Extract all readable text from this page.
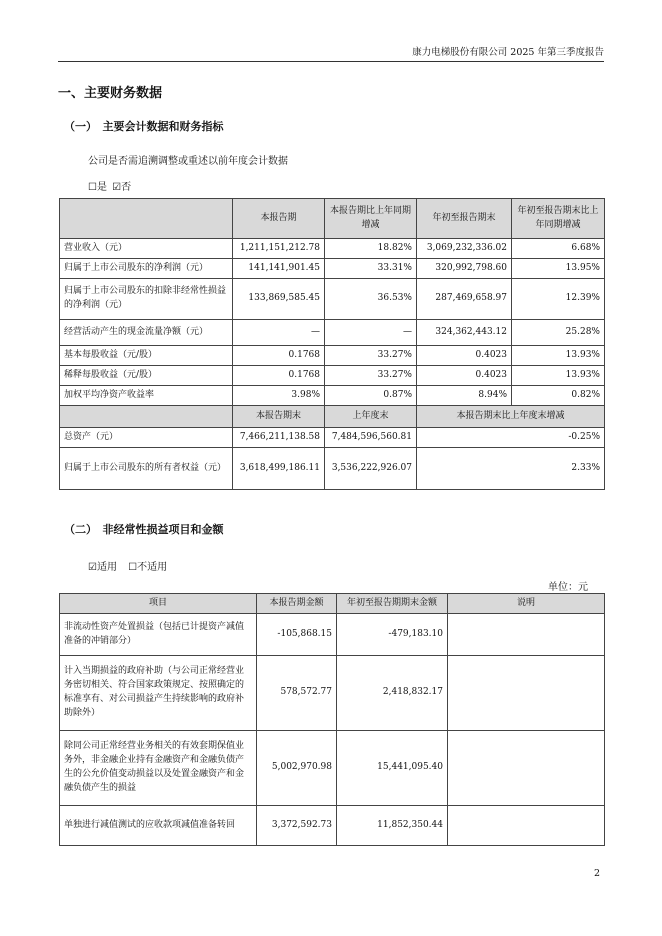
康力电梯股份有限公司 2025 年第三季度报告
一、主要财务数据
（一）　主要会计数据和财务指标
公司是否需追溯调整或重述以前年度会计数据
☐是 ☑否
	本报告期	本报告期比上年同期增减	年初至报告期末	年初至报告期末比上年同期增减
营业收入（元）	1,211,151,212.78	18.82%	3,069,232,336.02	6.68%
归属于上市公司股东的净利润（元）	141,141,901.45	33.31%	320,992,798.60	13.95%
归属于上市公司股东的扣除非经常性损益的净利润（元）	133,869,585.45	36.53%	287,469,658.97	12.39%
经营活动产生的现金流量净额（元）	—	—	324,362,443.12	25.28%
基本每股收益（元/股）	0.1768	33.27%	0.4023	13.93%
稀释每股收益（元/股）	0.1768	33.27%	0.4023	13.93%
加权平均净资产收益率	3.98%	0.87%	8.94%	0.82%
	本报告期末	上年度末	本报告期末比上年度末增减	
总资产（元）	7,466,211,138.58	7,484,596,560.81	-0.25%	
归属于上市公司股东的所有者权益（元）	3,618,499,186.11	3,536,222,926.07	2.33%	
（二）　非经常性损益项目和金额
☑适用 ☐不适用
单位：元
项目	本报告期金额	年初至报告期期末金额	说明
非流动性资产处置损益（包括已计提资产减值准备的冲销部分）	-105,868.15	-479,183.10	
计入当期损益的政府补助（与公司正常经营业务密切相关、符合国家政策规定、按照确定的标准享有、对公司损益产生持续影响的政府补助除外）	578,572.77	2,418,832.17	
除同公司正常经营业务相关的有效套期保值业务外，非金融企业持有金融资产和金融负债产生的公允价值变动损益以及处置金融资产和金融负债产生的损益	5,002,970.98	15,441,095.40	
单独进行减值测试的应收款项减值准备转回	3,372,592.73	11,852,350.44	
2
